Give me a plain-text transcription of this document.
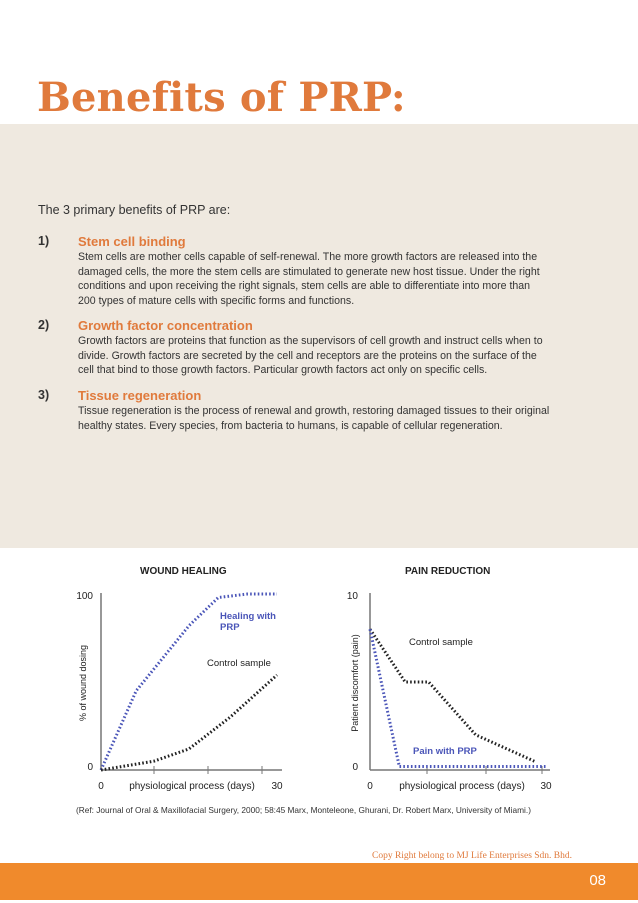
Benefits of PRP:
The 3 primary benefits of PRP are:
1) Stem cell binding
Stem cells are mother cells capable of self-renewal. The more growth factors are released into the
damaged cells, the more the stem cells are stimulated to generate new host tissue. Under the right
conditions and upon receiving the right signals, stem cells are able to differentiate into more than
200 types of mature cells with specific forms and functions.
2) Growth factor concentration
Growth factors are proteins that function as the supervisors of cell growth and instruct cells when to
divide. Growth factors are secreted by the cell and receptors are the proteins on the surface of the
cell that bind to those growth factors. Particular growth factors act only on specific cells.
3) Tissue regeneration
Tissue regeneration is the process of renewal and growth, restoring damaged tissues to their original
healthy states. Every species, from bacteria to humans, is capable of cellular regeneration.
WOUND HEALING
100
0
0	30
physiological process (days)
% of wound dosing
Healing with PRP
Control sample
PAIN REDUCTION
10
0
0	30
physiological process (days)
Patient discomfort (pain)	Control sample
Pain with PRP
(Ref: Journal of Oral & Maxillofacial Surgery, 2000; 58:45 Marx, Monteleone, Ghurani, Dr. Robert Marx, University of Miami.)
Copy Right belong to MJ Life Enterprises Sdn. Bhd.
08
